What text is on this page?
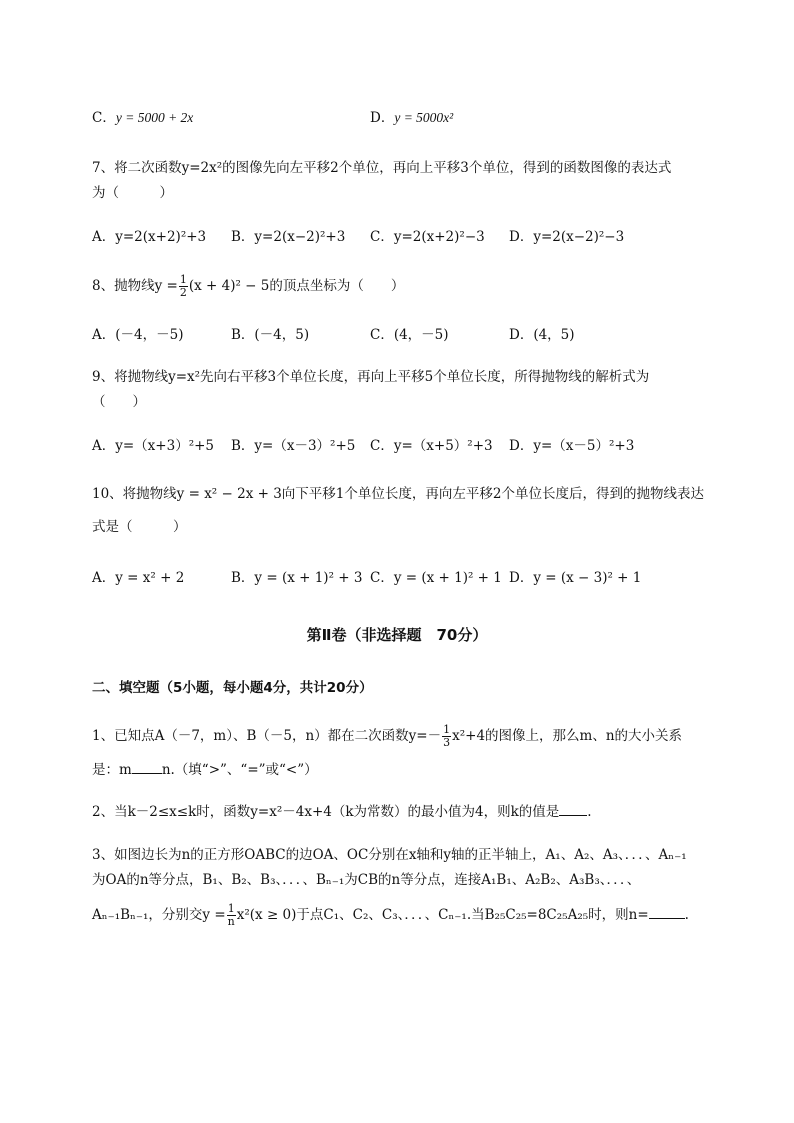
C．y = 5000 + 2x	D．y = 5000x²
7、将二次函数y=2x²的图像先向左平移2个单位，再向上平移3个单位，得到的函数图像的表达式
为（　　　）
A．y=2(x+2)²+3 B．y=2(x−2)²+3 C．y=2(x+2)²−3 D．y=2(x−2)²−3
8、抛物线$y = \frac{1}{2} (x + 4)^2 - 5$的顶点坐标为（　　）
A．(－4，－5)	B．(－4，5)	C．(4，－5)	D．(4，5)
9、将抛物线y=x²先向右平移3个单位长度，再向上平移5个单位长度，所得抛物线的解析式为
（　　）
A．y=（x+3）²+5 B．y=（x－3）²+5 C．y=（x+5）²+3 D．y=（x－5）²+3
10、将抛物线y = x² − 2x + 3向下平移1个单位长度，再向左平移2个单位长度后，得到的抛物线表达
式是（　　　）
A．y = x² + 2	B．y = (x + 1)² + 3 C．y = (x + 1)² + 1 D．y = (x − 3)² + 1
第Ⅱ卷（非选择题　70分）
二、填空题（5小题，每小题4分，共计20分）
1、已知点A（－7，m）、B（－5，n）都在二次函数$y=- \frac{1}{3} x^2+4$的图像上，那么m、n的大小关系
是：m n.（填“>”、“=”或“<”）
2、当k－2≤x≤k时，函数y=x²－4x+4（k为常数）的最小值为4，则k的值是 .
3、如图边长为n的正方形OABC的边OA、OC分别在x轴和y轴的正半轴上，A₁、A₂、A₃、．．．、Aₙ₋₁
为OA的n等分点，B₁、B₂、B₃、．．．、Bₙ₋₁为CB的n等分点，连接A₁B₁、A₂B₂、A₃B₃、．．．、
Aₙ₋₁Bₙ₋₁，分别交$y = \frac{1}{n} x^2(x \ge 0)$于点C₁、C₂、C₃、．．．、Cₙ₋₁.当B₂₅C₂₅=8C₂₅A₂₅时，则n=	.
